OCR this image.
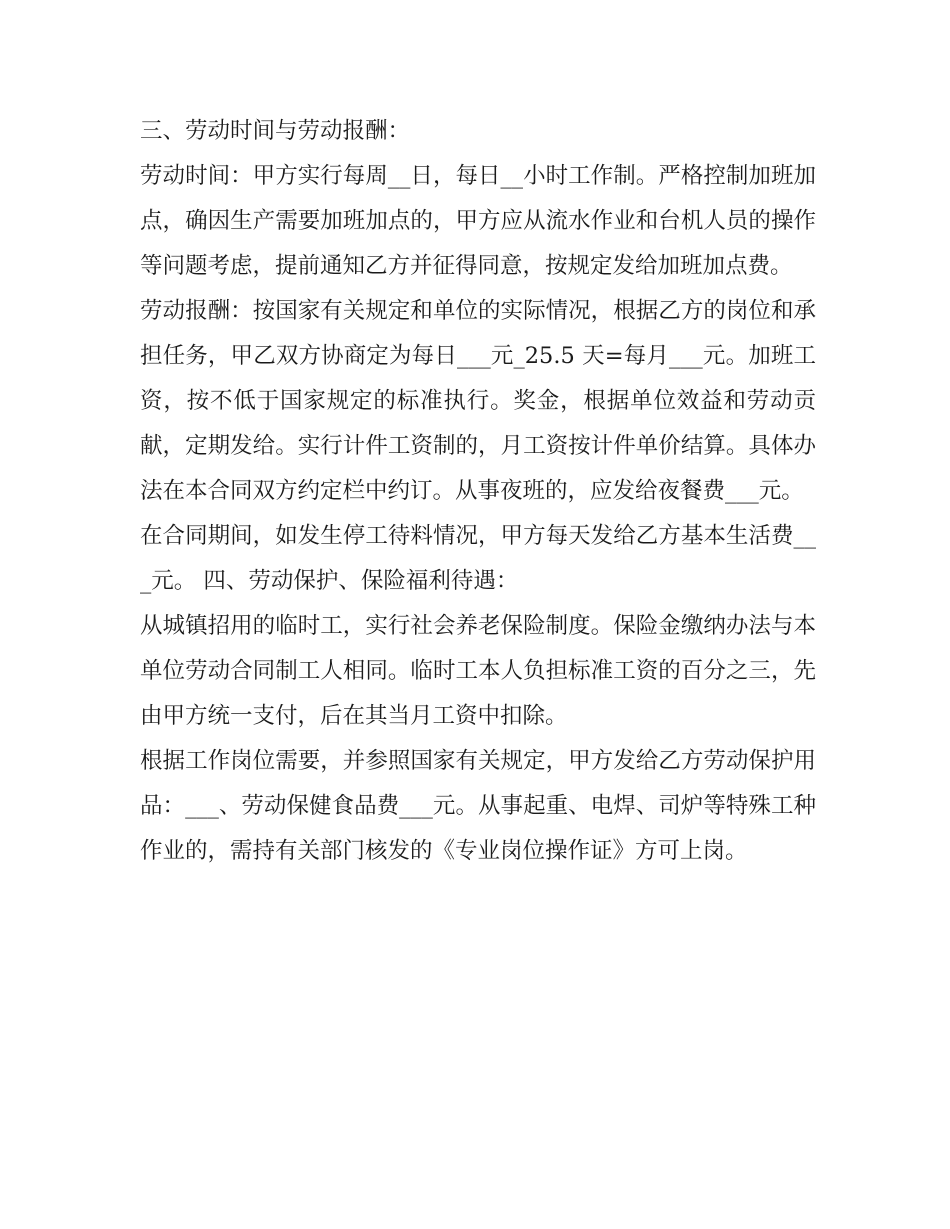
三、劳动时间与劳动报酬：

劳动时间：甲方实行每周__日，每日__小时工作制。严格控制加班加点，确因生产需要加班加点的，甲方应从流水作业和台机人员的操作等问题考虑，提前通知乙方并征得同意，按规定发给加班加点费。

劳动报酬：按国家有关规定和单位的实际情况，根据乙方的岗位和承担任务，甲乙双方协商定为每日___元_25.5 天=每月___元。加班工资，按不低于国家规定的标准执行。奖金，根据单位效益和劳动贡献，定期发给。实行计件工资制的，月工资按计件单价结算。具体办法在本合同双方约定栏中约订。从事夜班的，应发给夜餐费___元。

在合同期间，如发生停工待料情况，甲方每天发给乙方基本生活费___元。 四、劳动保护、保险福利待遇：

从城镇招用的临时工，实行社会养老保险制度。保险金缴纳办法与本单位劳动合同制工人相同。临时工本人负担标准工资的百分之三，先由甲方统一支付，后在其当月工资中扣除。

根据工作岗位需要，并参照国家有关规定，甲方发给乙方劳动保护用品：___、劳动保健食品费___元。从事起重、电焊、司炉等特殊工种作业的，需持有关部门核发的《专业岗位操作证》方可上岗。
